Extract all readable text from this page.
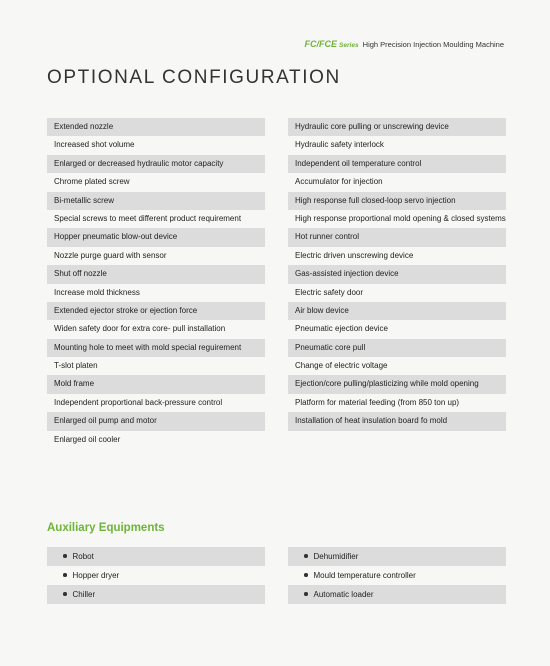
FC/FCE Series High Precision Injection Moulding Machine
OPTIONAL CONFIGURATION
Extended nozzle
Increased shot volume
Enlarged or decreased hydraulic motor capacity
Chrome plated screw
Bi-metallic screw
Special screws to meet different product requirement
Hopper pneumatic blow-out device
Nozzle purge guard with sensor
Shut off nozzle
Increase mold thickness
Extended ejector stroke or ejection force
Widen safety door for extra core- pull installation
Mounting hole to meet with mold special reguirement
T-slot platen
Mold frame
Independent proportional back-pressure control
Enlarged oil pump and motor
Enlarged oil cooler
Hydraulic core pulling or unscrewing device
Hydraulic safety interlock
Independent oil temperature control
Accumulator for injection
High response full closed-loop servo injection
High response proportional mold opening & closed systems
Hot runner control
Electric driven unscrewing device
Gas-assisted injection device
Electric safety door
Air blow device
Pneumatic ejection device
Pneumatic core pull
Change of electric voltage
Ejection/core pulling/plasticizing while mold opening
Platform for material feeding (from 850 ton up)
Installation of heat insulation board fo mold
Auxiliary Equipments
Robot
Hopper dryer
Chiller
Dehumidifier
Mould temperature controller
Automatic loader
